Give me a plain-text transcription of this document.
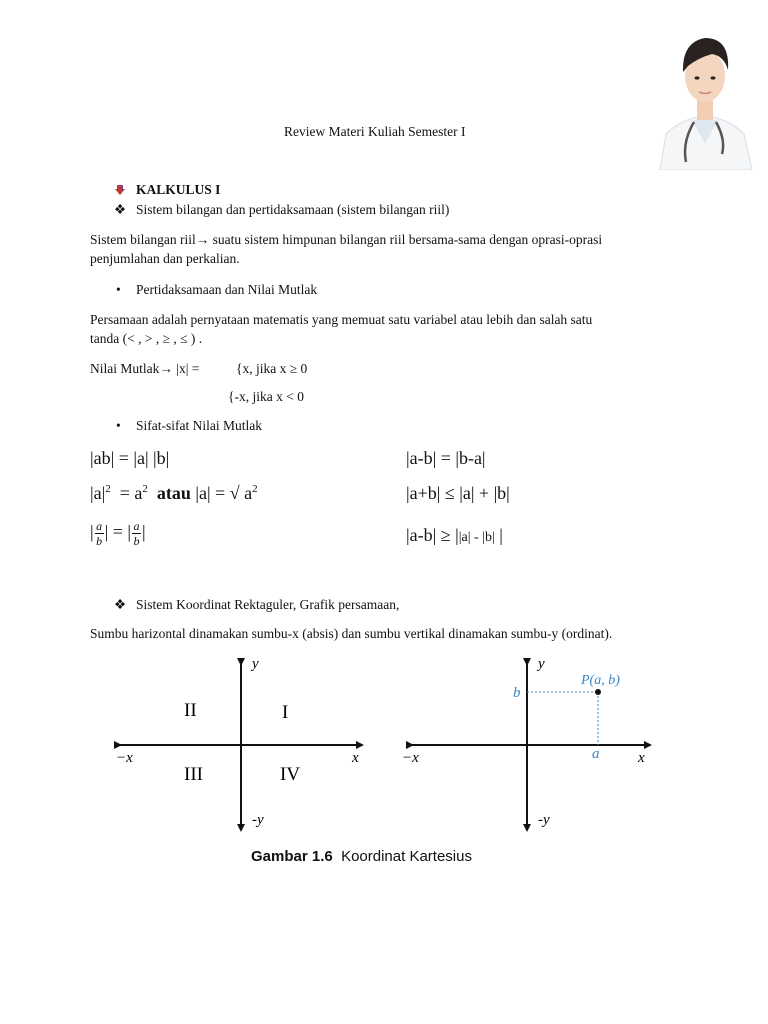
Review Materi Kuliah Semester I
KALKULUS I
❖ Sistem bilangan dan pertidaksamaan (sistem bilangan riil)
Sistem bilangan riil→ suatu sistem himpunan bilangan riil bersama-sama dengan oprasi-oprasi
penjumlahan dan perkalian.
• Pertidaksamaan dan Nilai Mutlak
Persamaan adalah pernyataan matematis yang memuat satu variabel atau lebih dan salah satu
tanda (< , > , ≥ , ≤ ) .
Nilai Mutlak→ |x| =	{x, jika x ≥ 0
{-x, jika x < 0
• Sifat-sifat Nilai Mutlak
|ab| = |a| |b|	|a-b| = |b-a|
$|a|^2 = a^2$ atau |a| = √ $a^2$	|a+b| ≤ |a| + |b|
| $\frac{a}{b}$ | = | $\frac{a}{b}$ |	|a-b| ≥ ||a| - |b| |
❖ Sistem Koordinat Rektaguler, Grafik persamaan,
Sumbu harizontal dinamakan sumbu-x (absis) dan sumbu vertikal dinamakan sumbu-y (ordinat).
y
-y
x
−x
I
II
III	IV
y
-y
x
−x
b
a
P(a, b)
Gambar 1.6 Koordinat Kartesius
